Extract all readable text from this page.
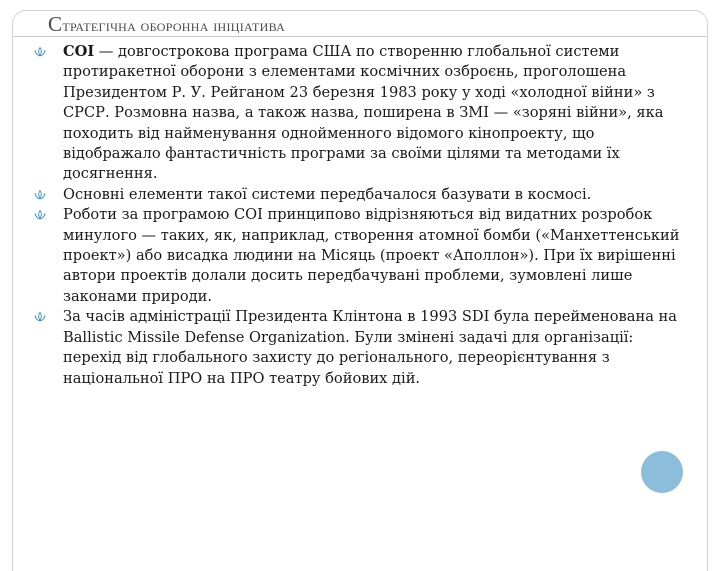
Стратегічна оборонна ініціатива
СОІ — довгострокова програма США по створенню глобальної системи протиракетної оборони з елементами космічних озброєнь, проголошена Президентом Р. У. Рейганом 23 березня 1983 року у ході «холодної війни» з СРСР. Розмовна назва, а також назва, поширена в ЗМІ — «зоряні війни», яка походить від найменування однойменного відомого кінопроекту, що відображало фантастичність програми за своїми цілями та методами їх досягнення.
Основні елементи такої системи передбачалося базувати в космосі.
Роботи за програмою СОІ принципово відрізняються від видатних розробок минулого — таких, як, наприклад, створення атомної бомби («Манхеттенський проект») або висадка людини на Місяць (проект «Аполлон»). При їх вирішенні автори проектів долали досить передбачувані проблеми, зумовлені лише законами природи.
За часів адміністрації Президента Клінтона в 1993 SDI була перейменована на Ballistic Missile Defense Organization. Були змінені задачі для організації: перехід від глобального захисту до регіонального, переорієнтування з національної ПРО на ПРО театру бойових дій.
